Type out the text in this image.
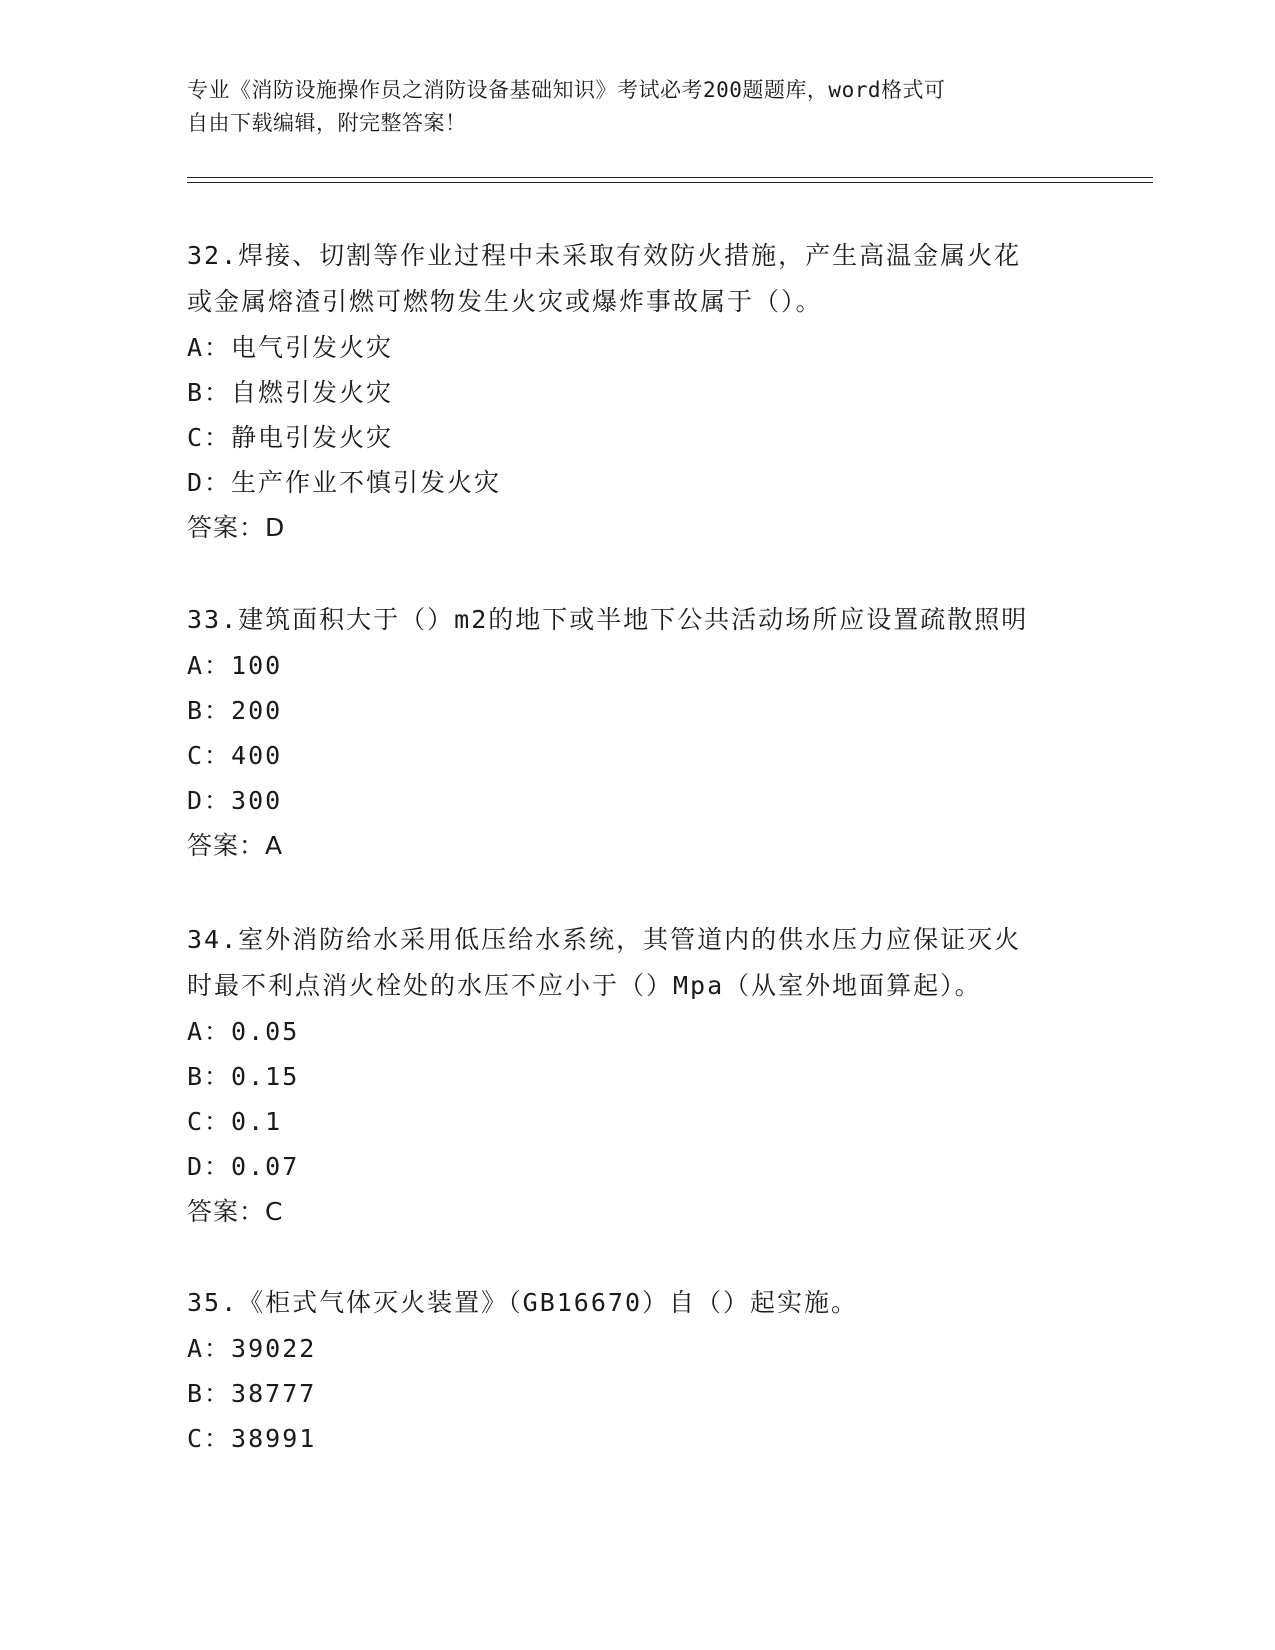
专业《消防设施操作员之消防设备基础知识》考试必考200题题库，word格式可
自由下载编辑，附完整答案！
32.焊接、切割等作业过程中未采取有效防火措施，产生高温金属火花
或金属熔渣引燃可燃物发生火灾或爆炸事故属于（）。
A：电气引发火灾
B：自燃引发火灾
C：静电引发火灾
D：生产作业不慎引发火灾
答案：D
33.建筑面积大于（）m2的地下或半地下公共活动场所应设置疏散照明
A：100
B：200
C：400
D：300
答案：A
34.室外消防给水采用低压给水系统，其管道内的供水压力应保证灭火
时最不利点消火栓处的水压不应小于（）Mpa（从室外地面算起）。
A：0.05
B：0.15
C：0.1
D：0.07
答案：C
35.《柜式气体灭火装置》（GB16670）自（）起实施。
A：39022
B：38777
C：38991
